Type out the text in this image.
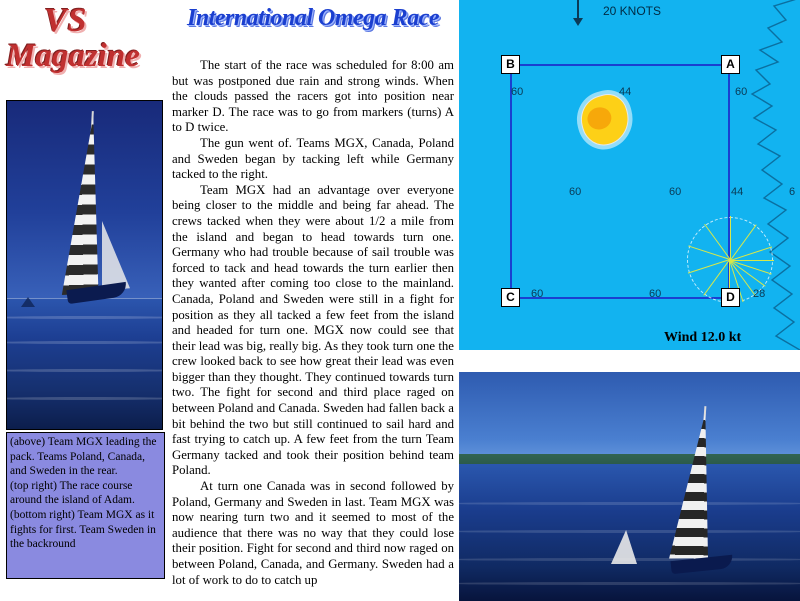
VS
Magazine

(above) Team MGX leading the pack. Teams Poland, Canada, and Sweden in the rear.

(top right) The race course around the island of Adam.

(bottom right) Team MGX as it fights for first. Team Sweden in the backround

International Omega Race

The start of the race was scheduled for 8:00 am but was postponed due rain and strong winds. When the clouds passed the racers got into position near marker D. The race was to go from markers (turns) A to D twice.

The gun went of. Teams MGX, Canada, Poland and Sweden began by tacking left while Germany tacked to the right.

Team MGX had an advantage over everyone being closer to the middle and being far ahead. The crews tacked when they were about 1/2 a mile from the island and began to head towards turn one. Germany who had trouble because of sail trouble was forced to tack and head towards the turn earlier then they wanted after coming too close to the mainland. Canada, Poland and Sweden were still in a fight for position as they all tacked a few feet from the island and headed for turn one. MGX now could see that their lead was big, really big. As they took turn one the crew looked back to see how great their lead was even bigger than they thought. They continued towards turn two. The fight for second and third place raged on between Poland and Canada. Sweden had fallen back a bit behind the two but still continued to sail hard and fast trying to catch up. A few feet from the turn Team Germany tacked and took their position behind team Poland.

At turn one Canada was in second followed by Poland, Germany and Sweden in last. Team MGX was now nearing turn two and it seemed to most of the audience that there was no way that they could lose their position. Fight for second and third now raged on between Poland, Canada, and Germany. Sweden had a lot of work to do to catch up

20 KNOTS
B	A
C	D
60	44	60
60	60	44	6
60	60	28
Wind 12.0 kt
